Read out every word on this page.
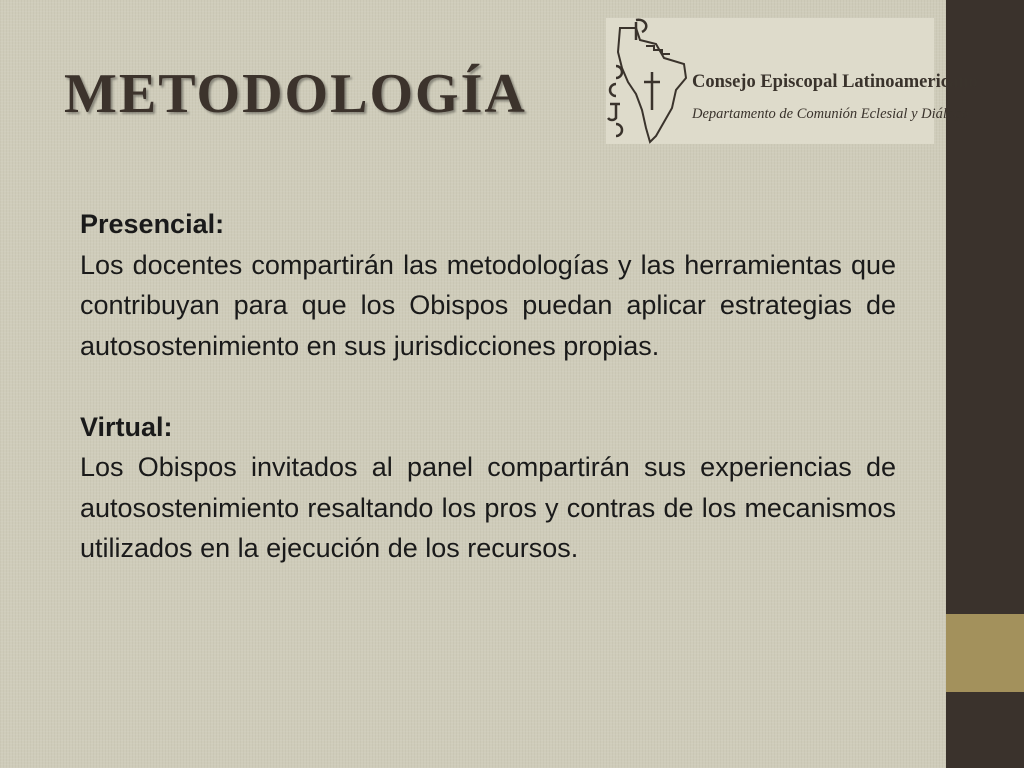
METODOLOGÍA	Consejo Episcopal Latinoamericano
Departamento de Comunión Eclesial y Diálogo

Presencial:

Los docentes compartirán las metodologías y las herramientas que contribuyan para que los Obispos puedan aplicar estrategias de autosostenimiento en sus jurisdicciones propias.

Virtual:

Los Obispos invitados al panel compartirán sus experiencias de autosostenimiento resaltando los pros y contras de los mecanismos utilizados en la ejecución de los recursos.
